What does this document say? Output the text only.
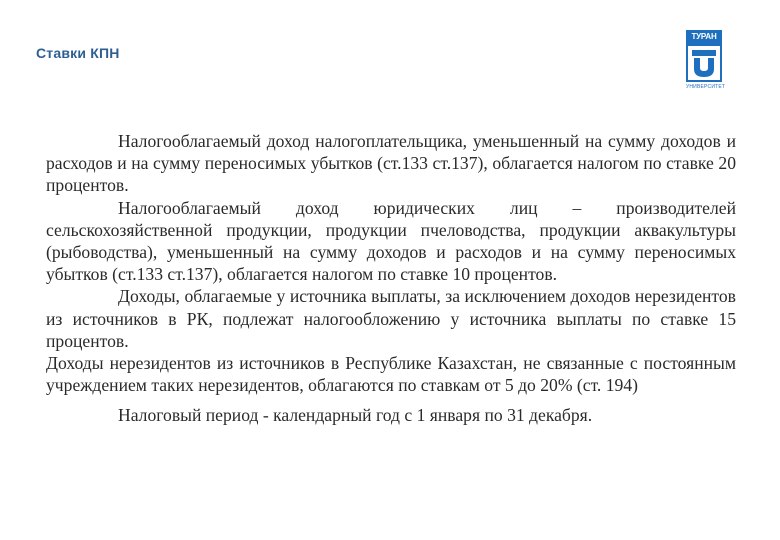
Ставки КПН
ТУРАН
УНИВЕРСИТЕТ

Налогооблагаемый доход налогоплательщика, уменьшенный на сумму доходов и расходов и на сумму переносимых убытков (ст.133 ст.137), облагается налогом по ставке 20 процентов.

Налогооблагаемый доход юридических лиц – производителей сельскохозяйственной продукции, продукции пчеловодства, продукции аквакультуры (рыбоводства), уменьшенный на сумму доходов и расходов и на сумму переносимых убытков (ст.133 ст.137), облагается налогом по ставке 10 процентов.

Доходы, облагаемые у источника выплаты, за исключением доходов нерезидентов из источников в РК, подлежат налогообложению у источника выплаты по ставке 15 процентов.

Доходы нерезидентов из источников в Республике Казахстан, не связанные с постоянным учреждением таких нерезидентов, облагаются по ставкам от 5 до 20% (ст. 194)

Налоговый период - календарный год с 1 января по 31 декабря.
